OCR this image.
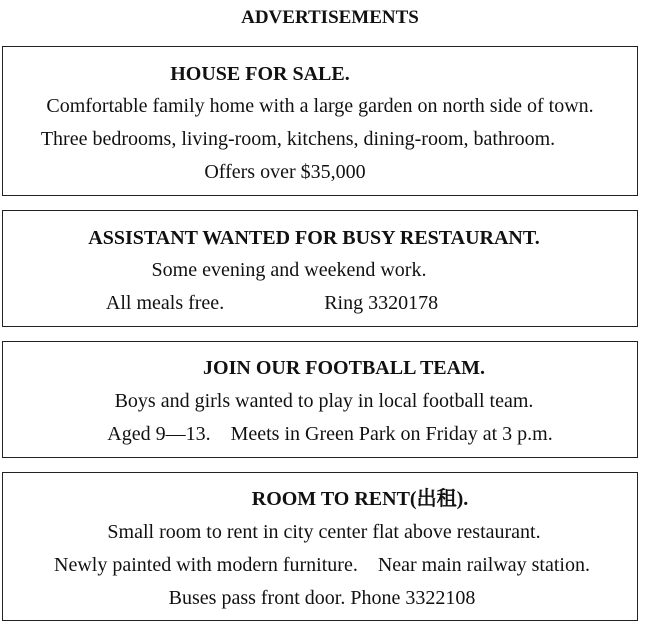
ADVERTISEMENTS
HOUSE FOR SALE.
Comfortable family home with a large garden on north side of town.
Three bedrooms, living-room, kitchens, dining-room, bathroom.
Offers over $35,000
ASSISTANT WANTED FOR BUSY RESTAURANT.
Some evening and weekend work.
All meals free.                    Ring 3320178
JOIN OUR FOOTBALL TEAM.
Boys and girls wanted to play in local football team.
Aged 9—13.    Meets in Green Park on Friday at 3 p.m.
ROOM TO RENT(出租).
Small room to rent in city center flat above restaurant.
Newly painted with modern furniture.    Near main railway station.
Buses pass front door. Phone 3322108
